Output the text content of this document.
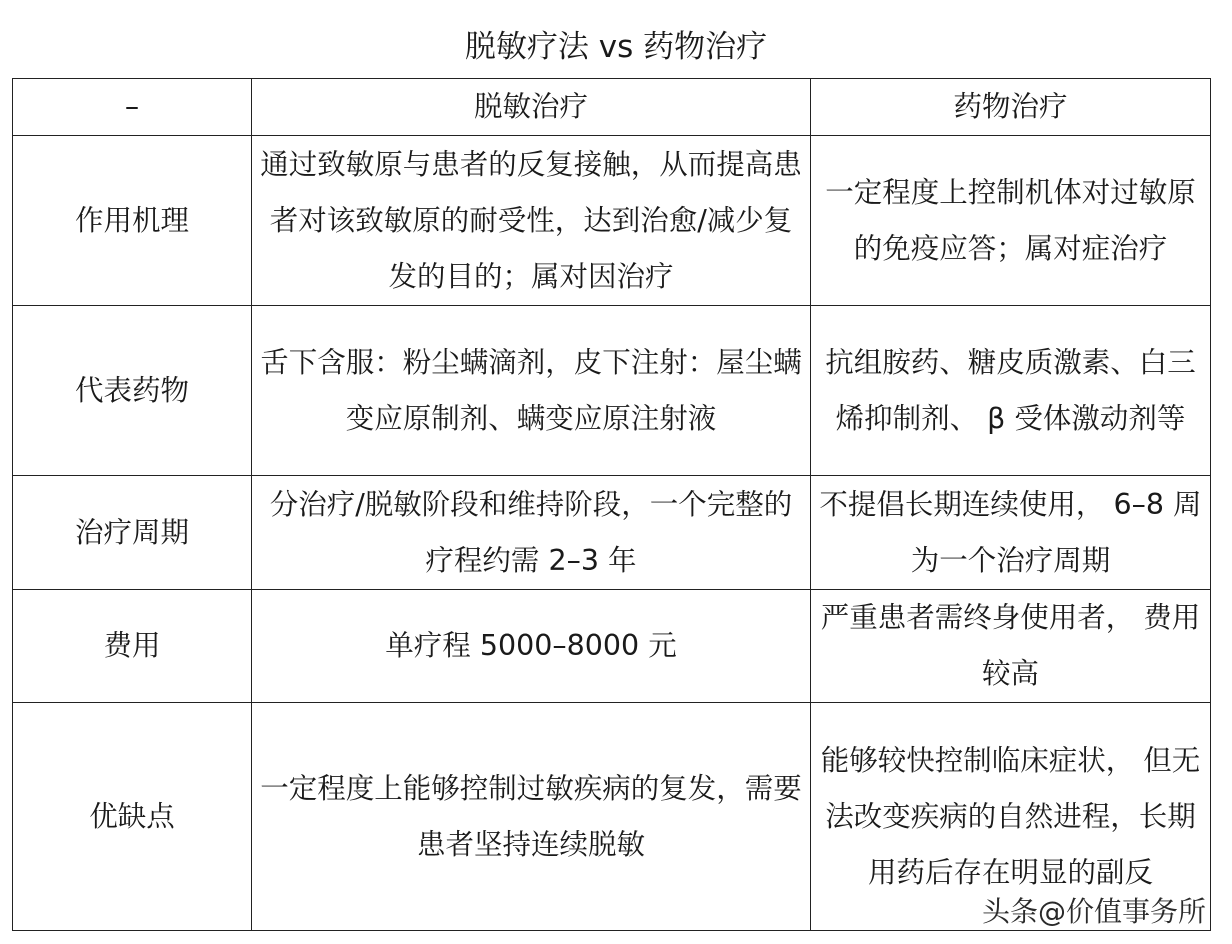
脱敏疗法 vs 药物治疗
–	脱敏治疗	药物治疗
作用机理	通过致敏原与患者的反复接触，从而提高患者对该致敏原的耐受性，达到治愈/减少复发的目的；属对因治疗	一定程度上控制机体对过敏原的免疫应答；属对症治疗
代表药物	舌下含服：粉尘螨滴剂，皮下注射：屋尘螨变应原制剂、螨变应原注射液	抗组胺药、糖皮质激素、白三烯抑制剂、 β 受体激动剂等
治疗周期	分治疗/脱敏阶段和维持阶段，一个完整的疗程约需 2–3 年	不提倡长期连续使用， 6–8 周为一个治疗周期
费用	单疗程 5000–8000 元	严重患者需终身使用者， 费用较高
优缺点	一定程度上能够控制过敏疾病的复发，需要患者坚持连续脱敏	能够较快控制临床症状， 但无法改变疾病的自然进程，长期用药后存在明显的副反
头条@价值事务所
